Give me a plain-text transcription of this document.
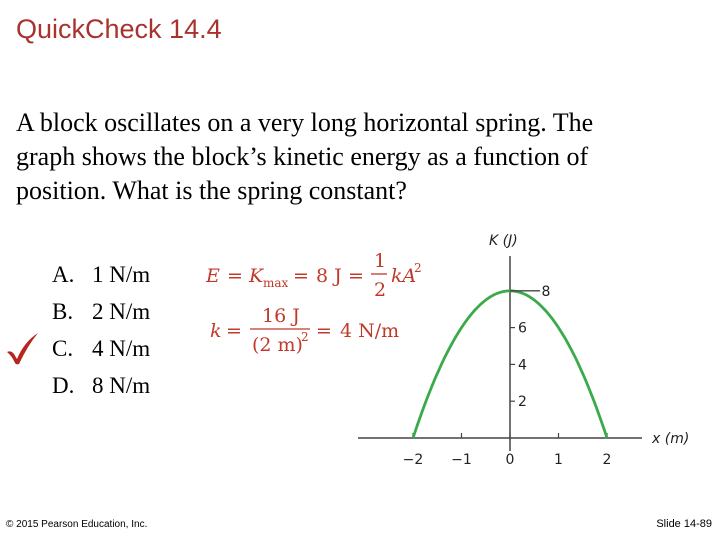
QuickCheck 14.4
A block oscillates on a very long horizontal spring. The graph shows the block’s kinetic energy as a function of position. What is the spring constant?
A. 1 N/m
B. 2 N/m
C. 4 N/m
D. 8 N/m
E = K max = 8 J =
1
2
kA
2
k =
16 J
(2 m)
2 = 4 N/m
−2 −1 0	1	2
2
4
6
8
K (J)
x (m)
© 2015 Pearson Education, Inc.	Slide 14-89
